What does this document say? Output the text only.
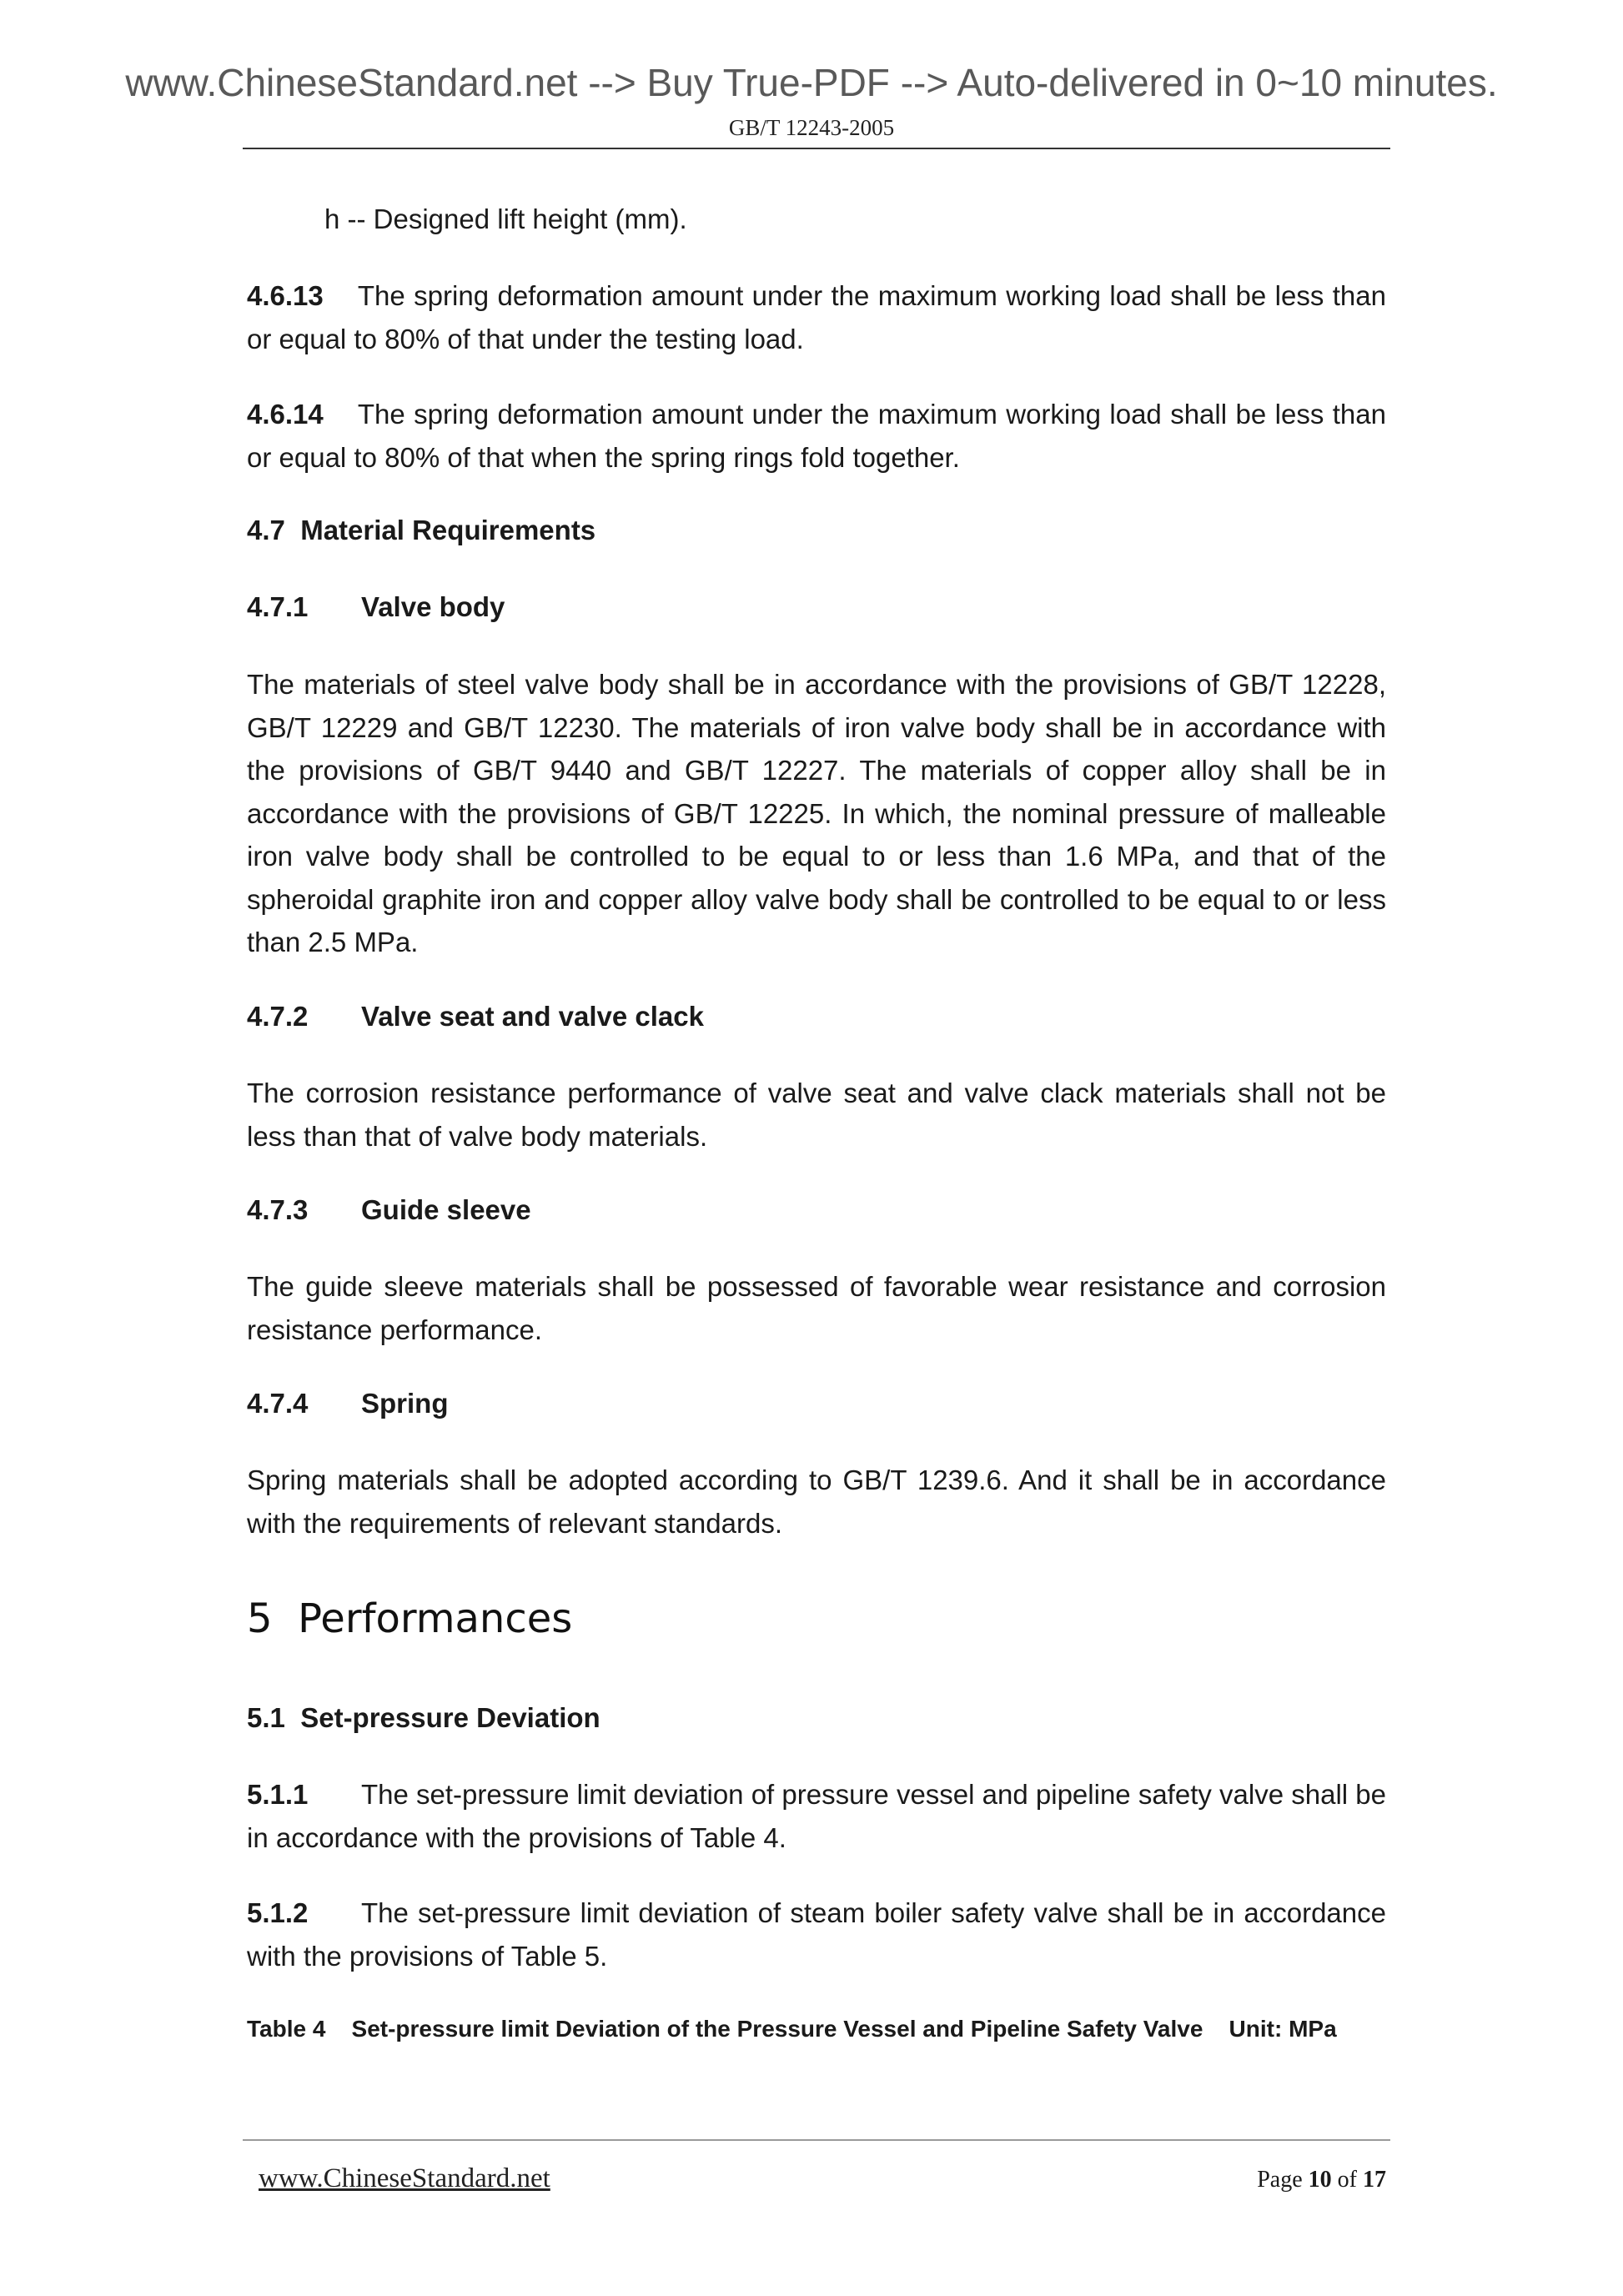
www.ChineseStandard.net --> Buy True-PDF --> Auto-delivered in 0~10 minutes.
GB/T 12243-2005
h -- Designed lift height (mm).

4.6.13 The spring deformation amount under the maximum working load shall be less than or equal to 80% of that under the testing load.

4.6.14 The spring deformation amount under the maximum working load shall be less than or equal to 80% of that when the spring rings fold together.

4.7 Material Requirements
4.7.1 Valve body

The materials of steel valve body shall be in accordance with the provisions of GB/T 12228, GB/T 12229 and GB/T 12230. The materials of iron valve body shall be in accordance with the provisions of GB/T 9440 and GB/T 12227. The materials of copper alloy shall be in accordance with the provisions of GB/T 12225. In which, the nominal pressure of malleable iron valve body shall be controlled to be equal to or less than 1.6 MPa, and that of the spheroidal graphite iron and copper alloy valve body shall be controlled to be equal to or less than 2.5 MPa.

4.7.2 Valve seat and valve clack

The corrosion resistance performance of valve seat and valve clack materials shall not be less than that of valve body materials.

4.7.3 Guide sleeve

The guide sleeve materials shall be possessed of favorable wear resistance and corrosion resistance performance.

4.7.4 Spring

Spring materials shall be adopted according to GB/T 1239.6. And it shall be in accordance with the requirements of relevant standards.

5 Performances
5.1 Set-pressure Deviation

5.1.1 The set-pressure limit deviation of pressure vessel and pipeline safety valve shall be in accordance with the provisions of Table 4.

5.1.2 The set-pressure limit deviation of steam boiler safety valve shall be in accordance with the provisions of Table 5.

Table 4 Set-pressure limit Deviation of the Pressure Vessel and Pipeline Safety Valve Unit: MPa
www.ChineseStandard.net	Page 10 of 17
